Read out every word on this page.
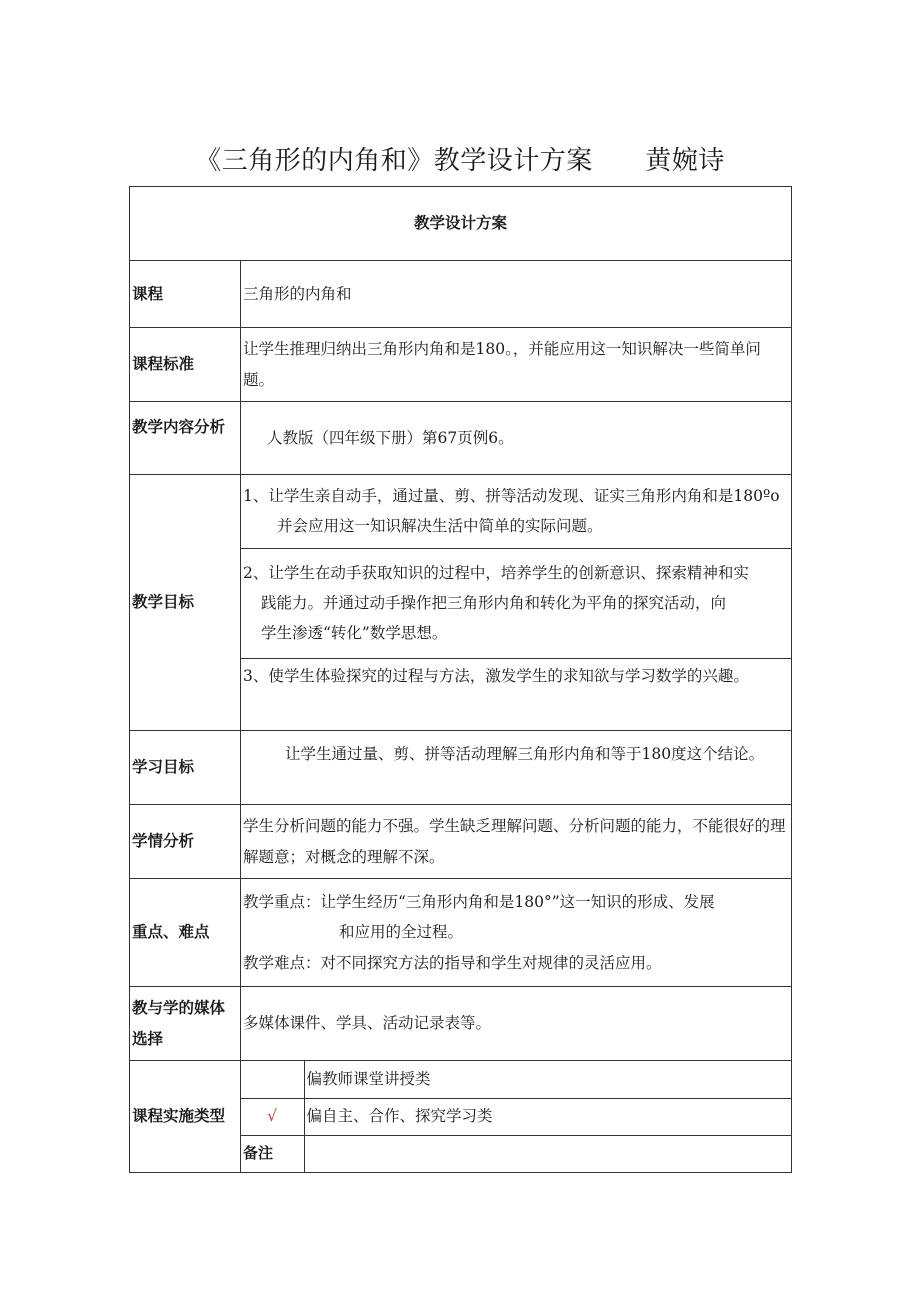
《三角形的内角和》教学设计方案      黄婉诗
教学设计方案
课程	三角形的内角和
课程标准	让学生推理归纳出三角形内角和是180。，并能应用这一知识解决一些简单问题。
教学内容分析	人教版（四年级下册）第67页例6。
教学目标	
1、让学生亲自动手，通过量、剪、拼等活动发现、证实三角形内角和是180ºo
并会应用这一知识解决生活中简单的实际问题。

2、让学生在动手获取知识的过程中，培养学生的创新意识、探索精神和实
践能力。并通过动手操作把三角形内角和转化为平角的探究活动，向
学生渗透“转化”数学思想。

3、使学生体验探究的过程与方法，激发学生的求知欲与学习数学的兴趣。

学习目标	让学生通过量、剪、拼等活动理解三角形内角和等于180度这个结论。
学情分析	学生分析问题的能力不强。学生缺乏理解问题、分析问题的能力，不能很好的理解题意；对概念的理解不深。
重点、难点	
教学重点：让学生经历“三角形内角和是180°”这一知识的形成、发展
和应用的全过程。
教学难点：对不同探究方法的指导和学生对规律的灵活应用。

教与学的媒体选择	多媒体课件、学具、活动记录表等。
课程实施类型	
	偏教师课堂讲授类
√	偏自主、合作、探究学习类
备注	
